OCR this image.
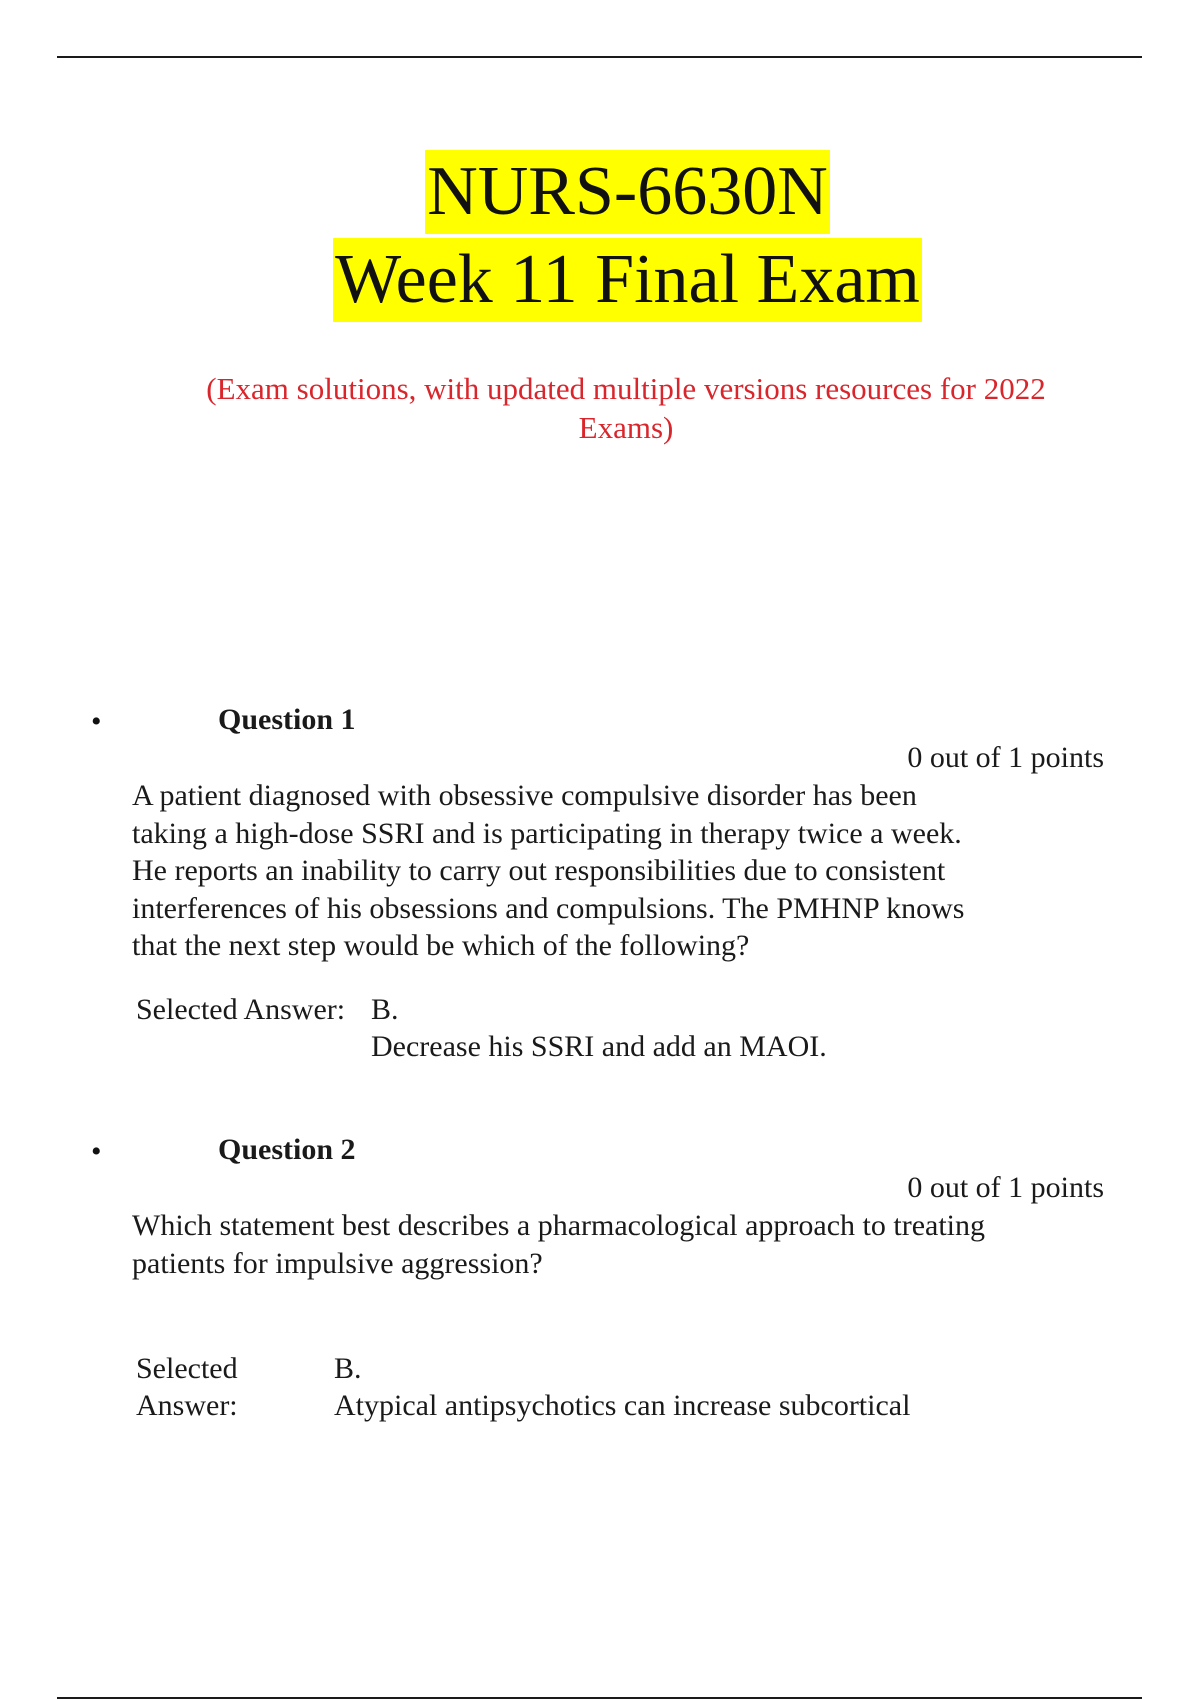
NURS-6630N
Week 11 Final Exam
(Exam solutions, with updated multiple versions resources for 2022
Exams)
•	Question 1
0 out of 1 points
A patient diagnosed with obsessive compulsive disorder has been
taking a high-dose SSRI and is participating in therapy twice a week.
He reports an inability to carry out responsibilities due to consistent
interferences of his obsessions and compulsions. The PMHNP knows
that the next step would be which of the following?
Selected Answer: B.
Decrease his SSRI and add an MAOI.
•	Question 2
0 out of 1 points
Which statement best describes a pharmacological approach to treating
patients for impulsive aggression?
Selected
Answer:
B.
Atypical antipsychotics can increase subcortical
